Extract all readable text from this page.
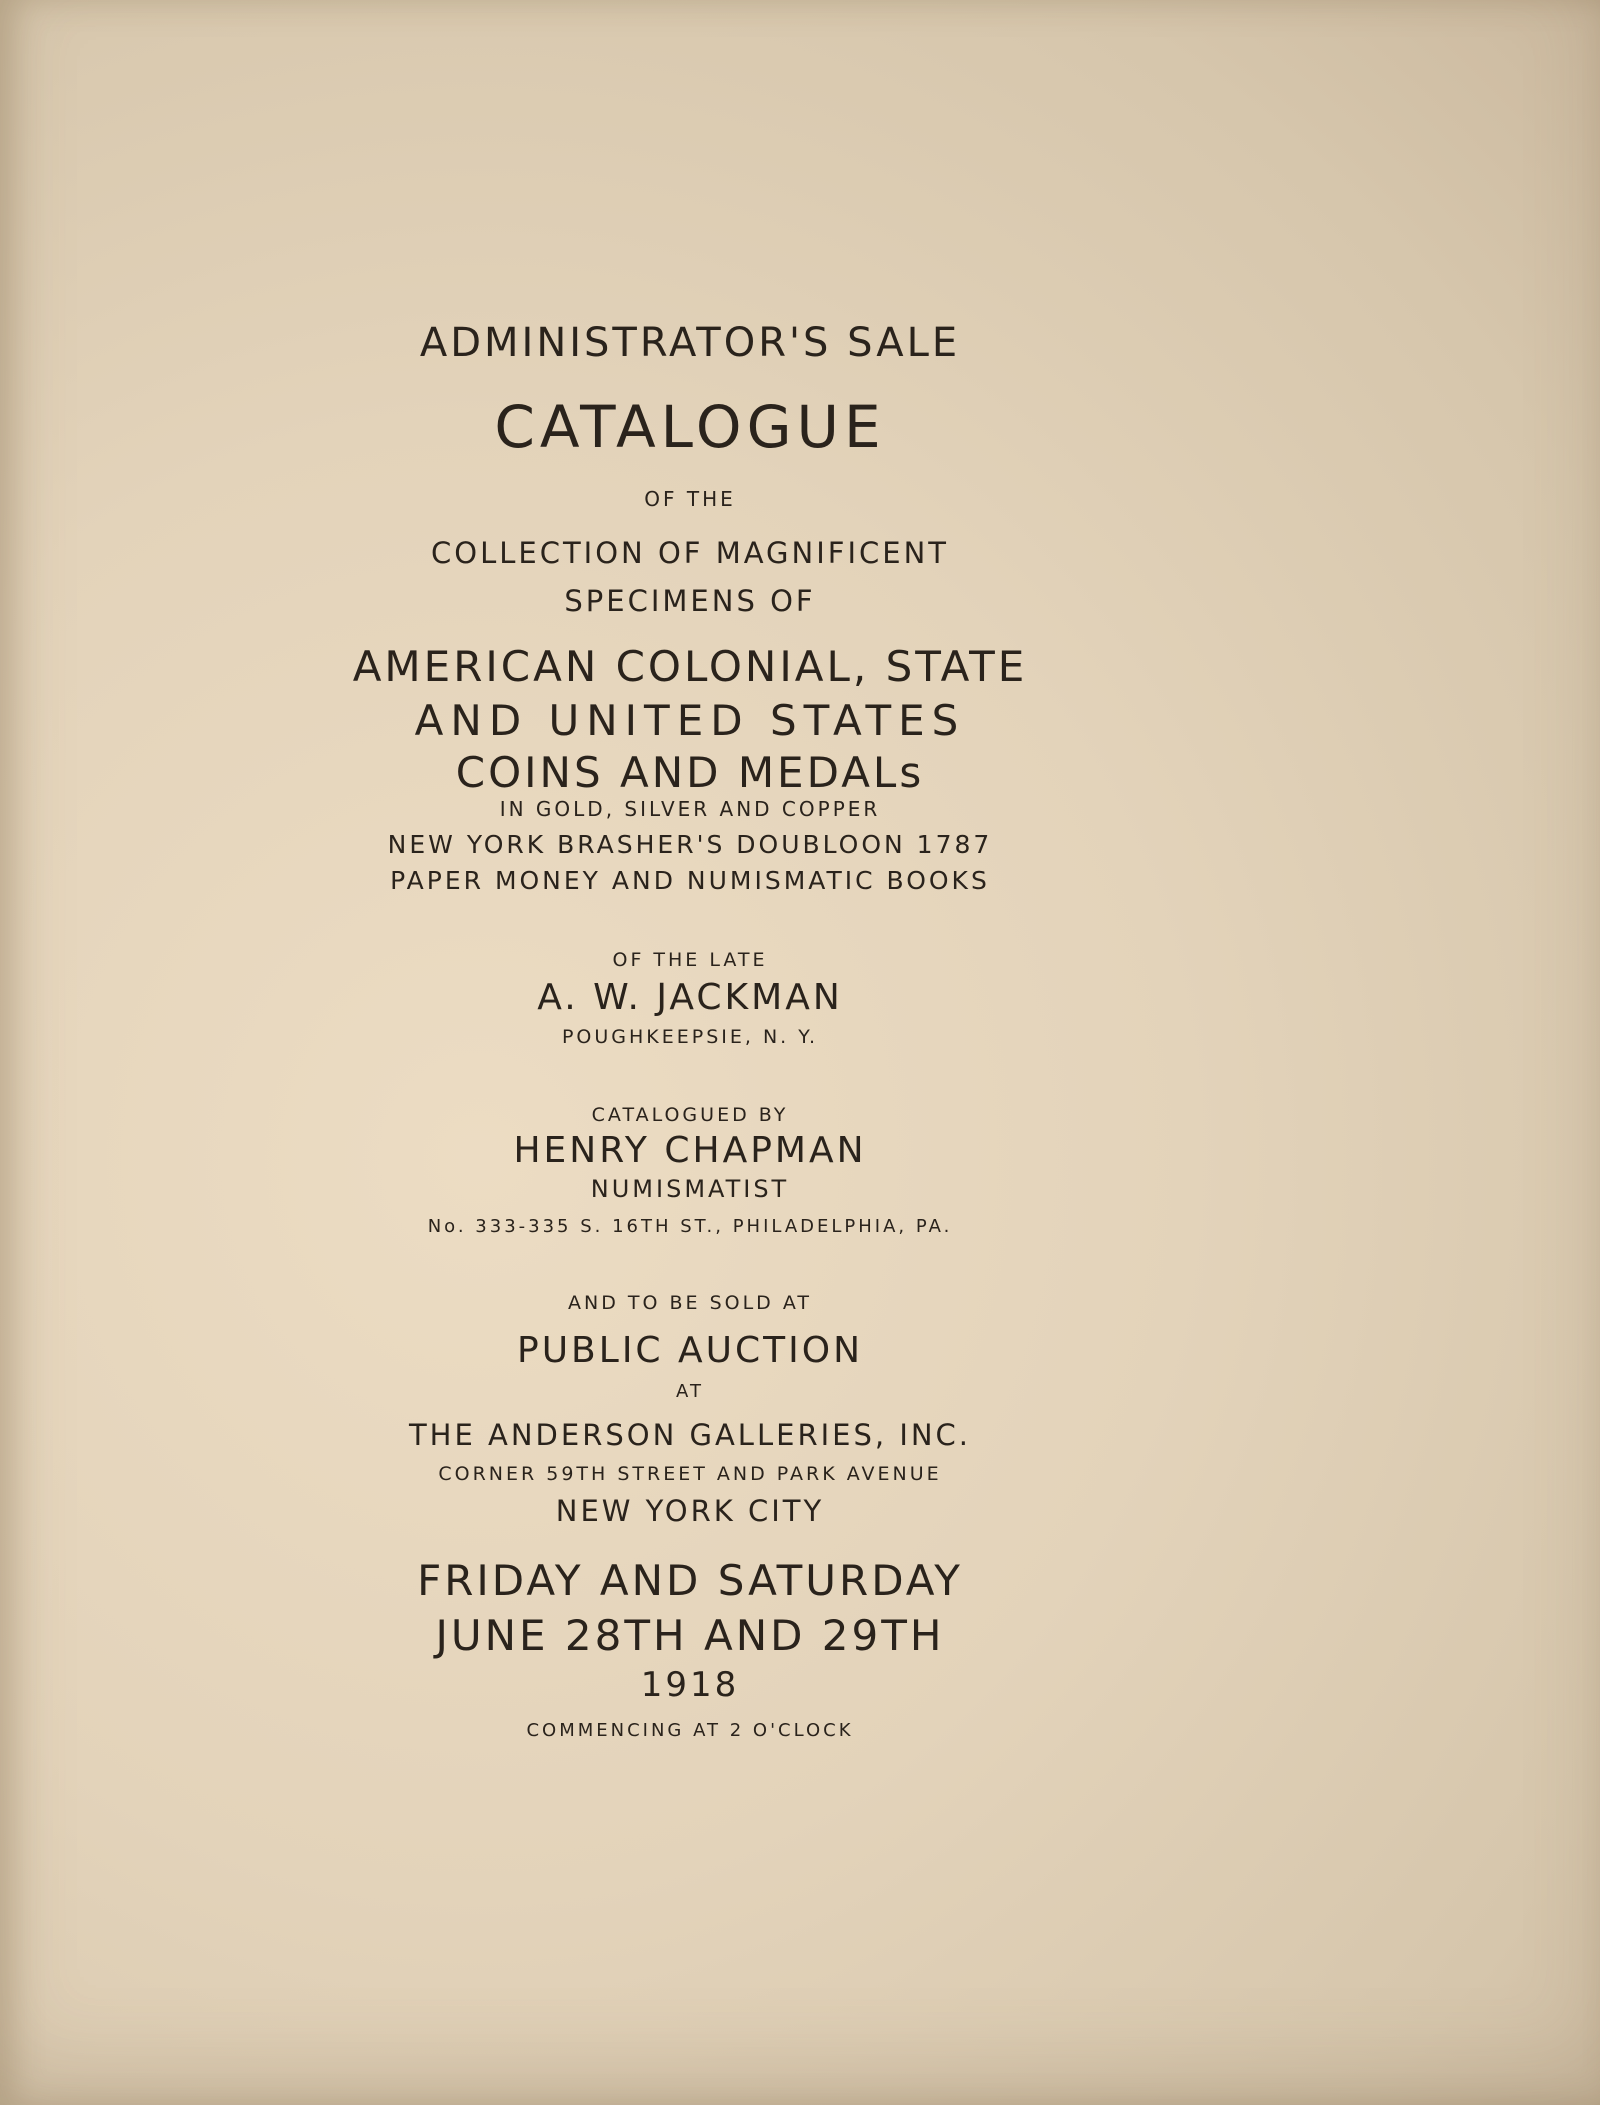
ADMINISTRATOR'S SALE
CATALOGUE
OF THE
COLLECTION OF MAGNIFICENT
SPECIMENS OF
AMERICAN COLONIAL, STATE
AND UNITED STATES
COINS AND MEDALs
IN GOLD, SILVER AND COPPER
NEW YORK BRASHER'S DOUBLOON 1787
PAPER MONEY AND NUMISMATIC BOOKS
OF THE LATE
A. W. JACKMAN
POUGHKEEPSIE, N. Y.
CATALOGUED BY
HENRY CHAPMAN
NUMISMATIST
No. 333-335 S. 16TH ST., PHILADELPHIA, PA.
AND TO BE SOLD AT
PUBLIC AUCTION
AT
THE ANDERSON GALLERIES, INC.
CORNER 59TH STREET AND PARK AVENUE
NEW YORK CITY
FRIDAY AND SATURDAY
JUNE 28TH AND 29TH
1918
COMMENCING AT 2 O'CLOCK
